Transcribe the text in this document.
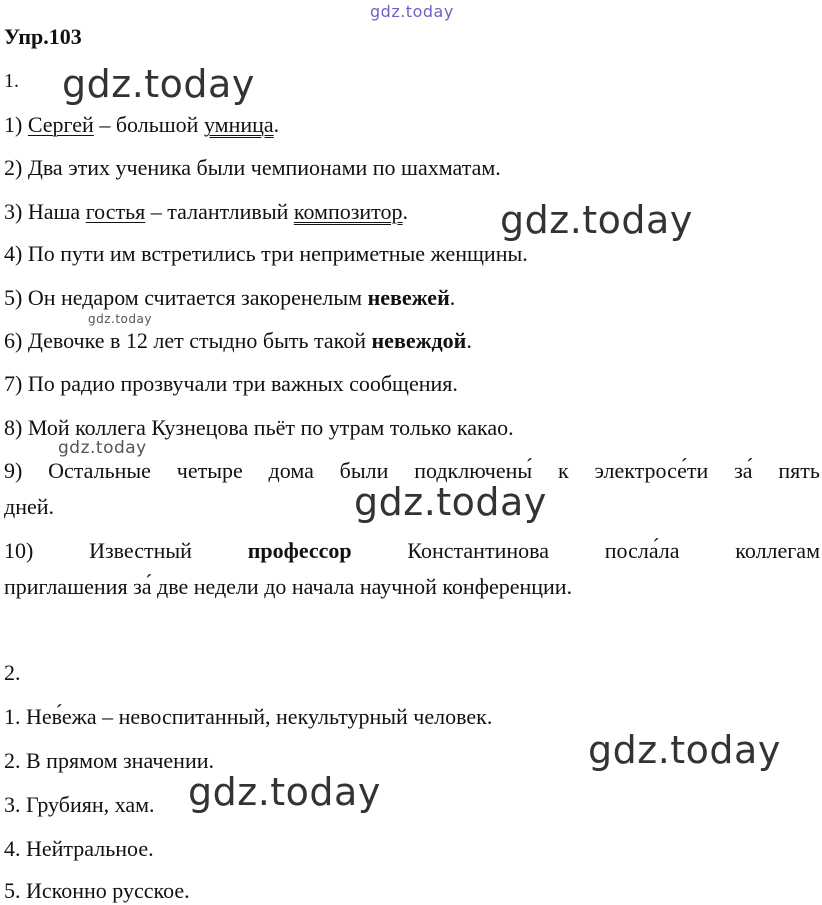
gdz.today
gdz.today
gdz.today
gdz.today
gdz.today
gdz.today
gdz.today
gdz.today
Упр.103
1.
1) Сергей – большой умница.
2) Два этих ученика были чемпионами по шахматам.
3) Наша гостья – талантливый композитор.
4) По пути им встретились три неприметные женщины.
5) Он недаром считается закоренелым невежей.
6) Девочке в 12 лет стыдно быть такой невеждой.
7) По радио прозвучали три важных сообщения.
8) Мой коллега Кузнецова пьёт по утрам только какао.
9) Остальные четыре дома были подключены́ к электросе́ти за́ пять
дней.
10)	Известный	профессор	Константинова	посла́ла	коллегам
приглашения за́ две недели до начала научной конференции.
2.
1. Нев́ежа – невоспитанный, некультурный человек.
2. В прямом значении.
3. Грубиян, хам.
4. Нейтральное.
5. Исконно русское.
